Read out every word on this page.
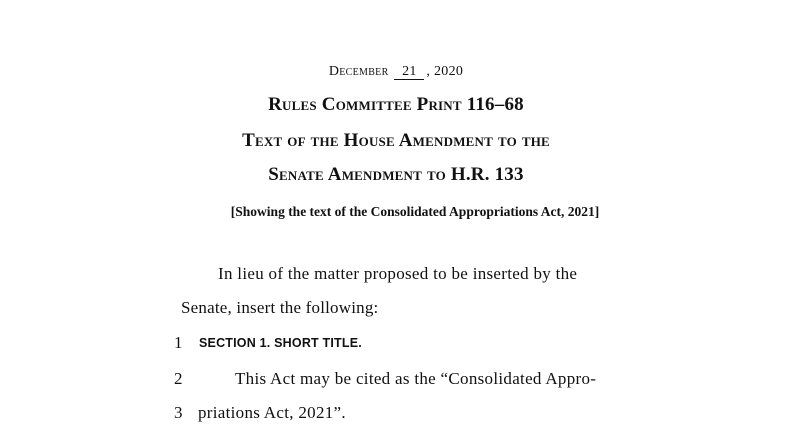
December 21 , 2020
Rules Committee Print 116–68
Text of the House Amendment to the
Senate Amendment to H.R. 133
[Showing the text of the Consolidated Appropriations Act, 2021]
In lieu of the matter proposed to be inserted by the
Senate, insert the following:
1	SECTION 1. SHORT TITLE.
2	This Act may be cited as the “Consolidated Appro-
3 priations Act, 2021”.
